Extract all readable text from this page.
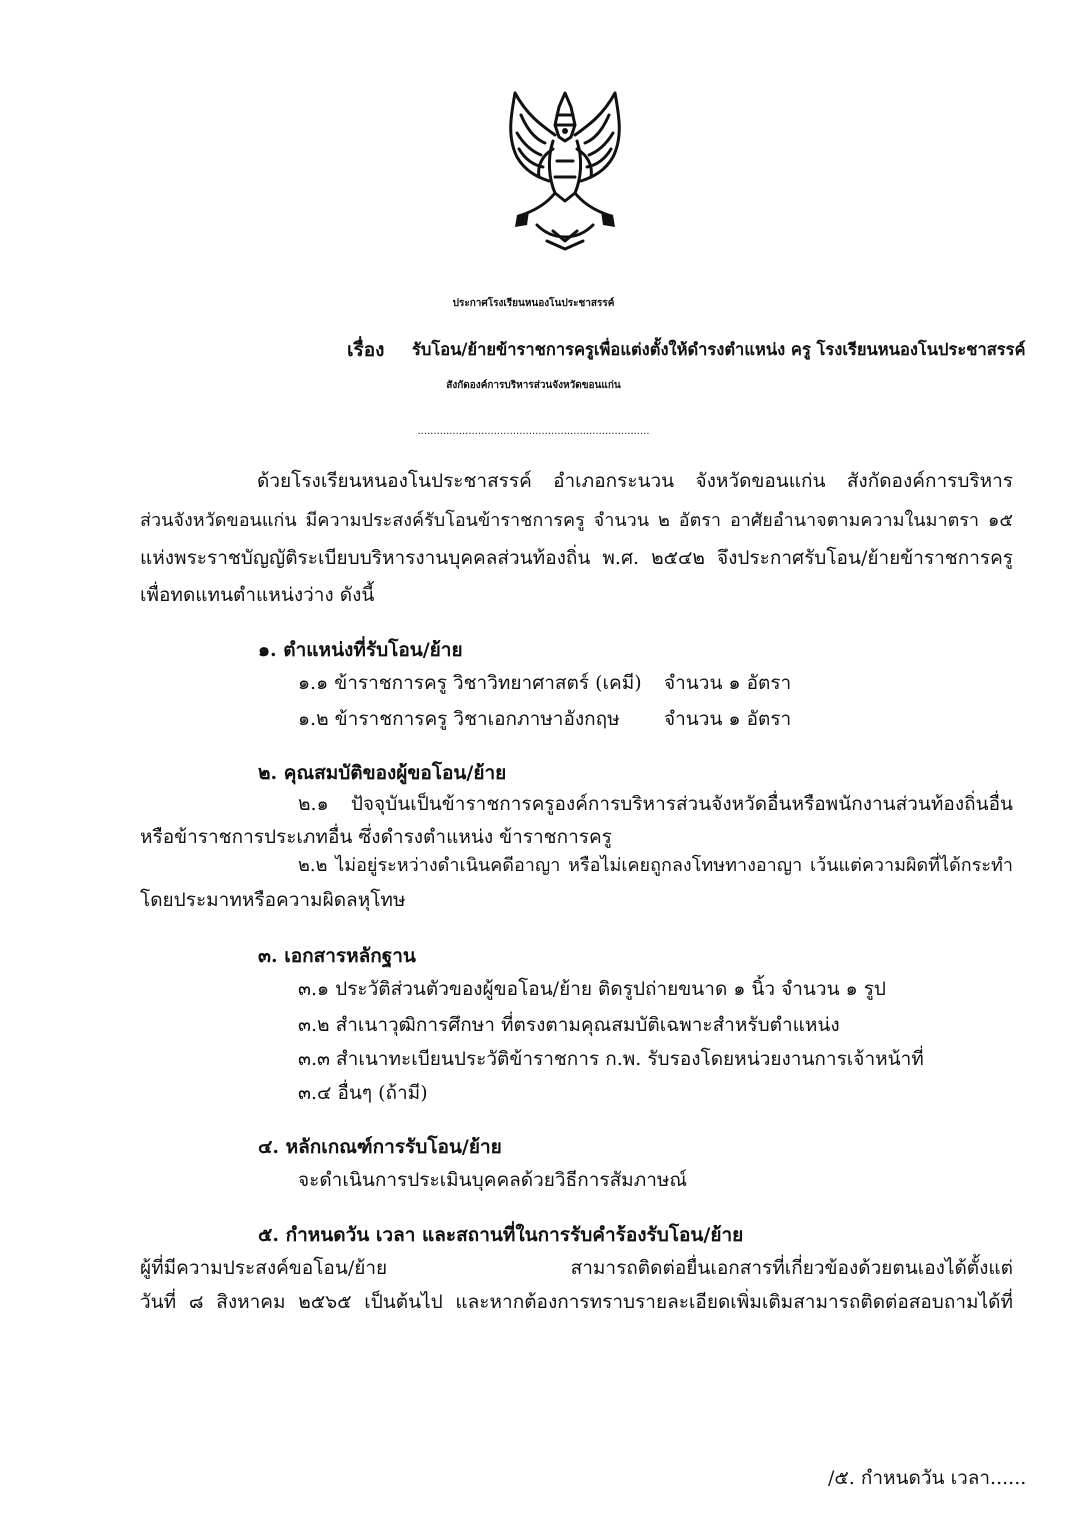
ประกาศโรงเรียนหนองโนประชาสรรค์
เรื่อง รับโอน/ย้ายข้าราชการครูเพื่อแต่งตั้งให้ดำรงตำแหน่ง ครู โรงเรียนหนองโนประชาสรรค์
สังกัดองค์การบริหารส่วนจังหวัดขอนแก่น
.........................................................................
ด้วยโรงเรียนหนองโนประชาสรรค์ อำเภอกระนวน จังหวัดขอนแก่น สังกัดองค์การบริหาร
ส่วนจังหวัดขอนแก่น มีความประสงค์รับโอนข้าราชการครู จำนวน ๒ อัตรา อาศัยอำนาจตามความในมาตรา ๑๕
แห่งพระราชบัญญัติระเบียบบริหารงานบุคคลส่วนท้องถิ่น พ.ศ. ๒๕๔๒ จึงประกาศรับโอน/ย้ายข้าราชการครู
เพื่อทดแทนตำแหน่งว่าง ดังนี้
๑. ตำแหน่งที่รับโอน/ย้าย
๑.๑ ข้าราชการครู วิชาวิทยาศาสตร์ (เคมี) จำนวน ๑ อัตรา
๑.๒ ข้าราชการครู วิชาเอกภาษาอังกฤษ จำนวน ๑ อัตรา
๒. คุณสมบัติของผู้ขอโอน/ย้าย
๒.๑ ปัจจุบันเป็นข้าราชการครูองค์การบริหารส่วนจังหวัดอื่นหรือพนักงานส่วนท้องถิ่นอื่น
หรือข้าราชการประเภทอื่น ซึ่งดำรงตำแหน่ง ข้าราชการครู
๒.๒ ไม่อยู่ระหว่างดำเนินคดีอาญา หรือไม่เคยถูกลงโทษทางอาญา เว้นแต่ความผิดที่ได้กระทำ
โดยประมาทหรือความผิดลหุโทษ
๓. เอกสารหลักฐาน
๓.๑ ประวัติส่วนตัวของผู้ขอโอน/ย้าย ติดรูปถ่ายขนาด ๑ นิ้ว จำนวน ๑ รูป
๓.๒ สำเนาวุฒิการศึกษา ที่ตรงตามคุณสมบัติเฉพาะสำหรับตำแหน่ง
๓.๓ สำเนาทะเบียนประวัติข้าราชการ ก.พ. รับรองโดยหน่วยงานการเจ้าหน้าที่
๓.๔ อื่นๆ (ถ้ามี)
๔. หลักเกณฑ์การรับโอน/ย้าย
จะดำเนินการประเมินบุคคลด้วยวิธีการสัมภาษณ์
๕. กำหนดวัน เวลา และสถานที่ในการรับคำร้องรับโอน/ย้าย
ผู้ที่มีความประสงค์ขอโอน/ย้าย สามารถติดต่อยื่นเอกสารที่เกี่ยวข้องด้วยตนเองได้ตั้งแต่
วันที่ ๘ สิงหาคม ๒๕๖๕ เป็นต้นไป และหากต้องการทราบรายละเอียดเพิ่มเติมสามารถติดต่อสอบถามได้ที่
/๕. กำหนดวัน เวลา......
